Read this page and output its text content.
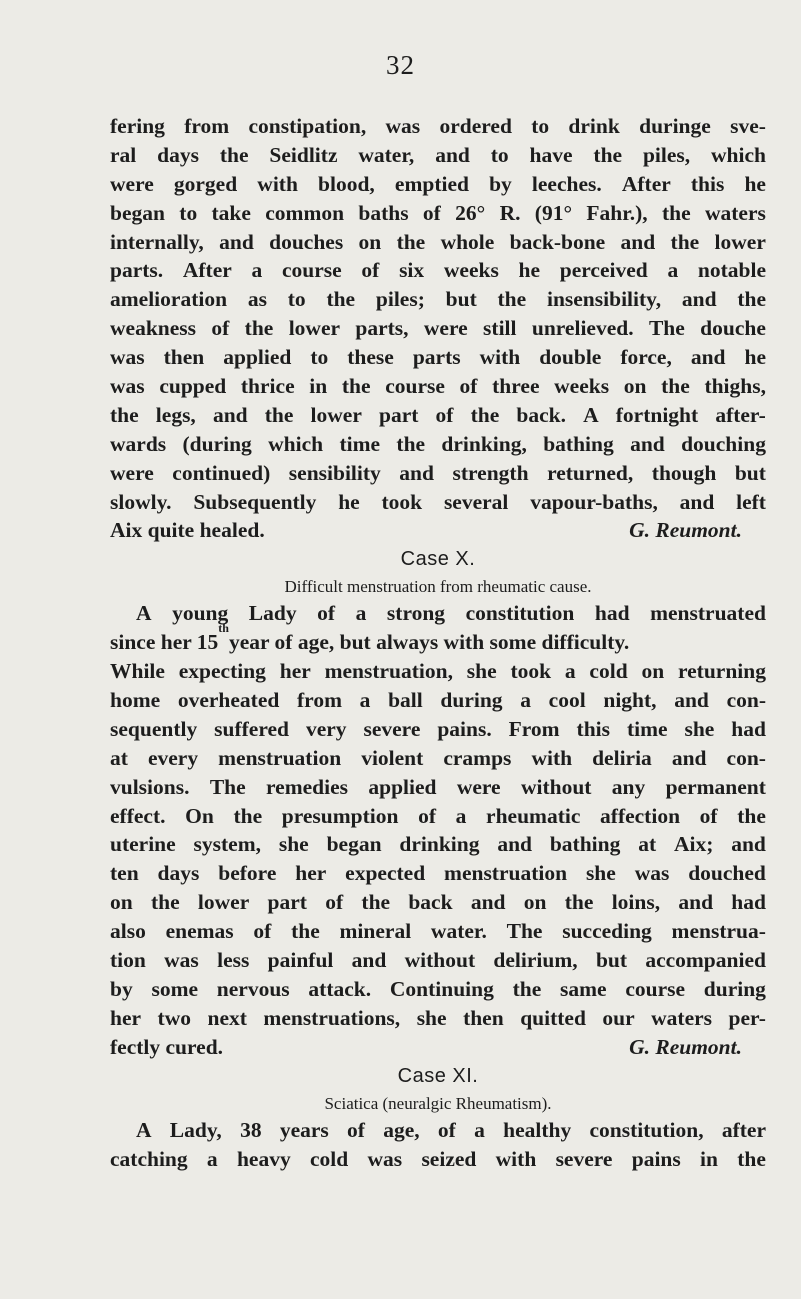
32
fering from constipation, was ordered to drink duringe sve-
ral days the Seidlitz water, and to have the piles, which
were gorged with blood, emptied by leeches. After this he
began to take common baths of 26° R. (91° Fahr.), the waters
internally, and douches on the whole back-bone and the lower
parts. After a course of six weeks he perceived a notable
amelioration as to the piles; but the insensibility, and the
weakness of the lower parts, were still unrelieved. The douche
was then applied to these parts with double force, and he
was cupped thrice in the course of three weeks on the thighs,
the legs, and the lower part of the back. A fortnight after-
wards (during which time the drinking, bathing and douching
were continued) sensibility and strength returned, though but
slowly. Subsequently he took several vapour-baths, and left
Aix quite healed.	G. Reumont.
Case X.
Difficult menstruation from rheumatic cause.
A young Lady of a strong constitution had menstruated
since her 15
th
year of age, but always with some difficulty.
While expecting her menstruation, she took a cold on returning
home overheated from a ball during a cool night, and con-
sequently suffered very severe pains. From this time she had
at every menstruation violent cramps with deliria and con-
vulsions. The remedies applied were without any permanent
effect. On the presumption of a rheumatic affection of the
uterine system, she began drinking and bathing at Aix; and
ten days before her expected menstruation she was douched
on the lower part of the back and on the loins, and had
also enemas of the mineral water. The succeding menstrua-
tion was less painful and without delirium, but accompanied
by some nervous attack. Continuing the same course during
her two next menstruations, she then quitted our waters per-
fectly cured.	G. Reumont.
Case XI.
Sciatica (neuralgic Rheumatism).
A Lady, 38 years of age, of a healthy constitution, after
catching a heavy cold was seized with severe pains in the
